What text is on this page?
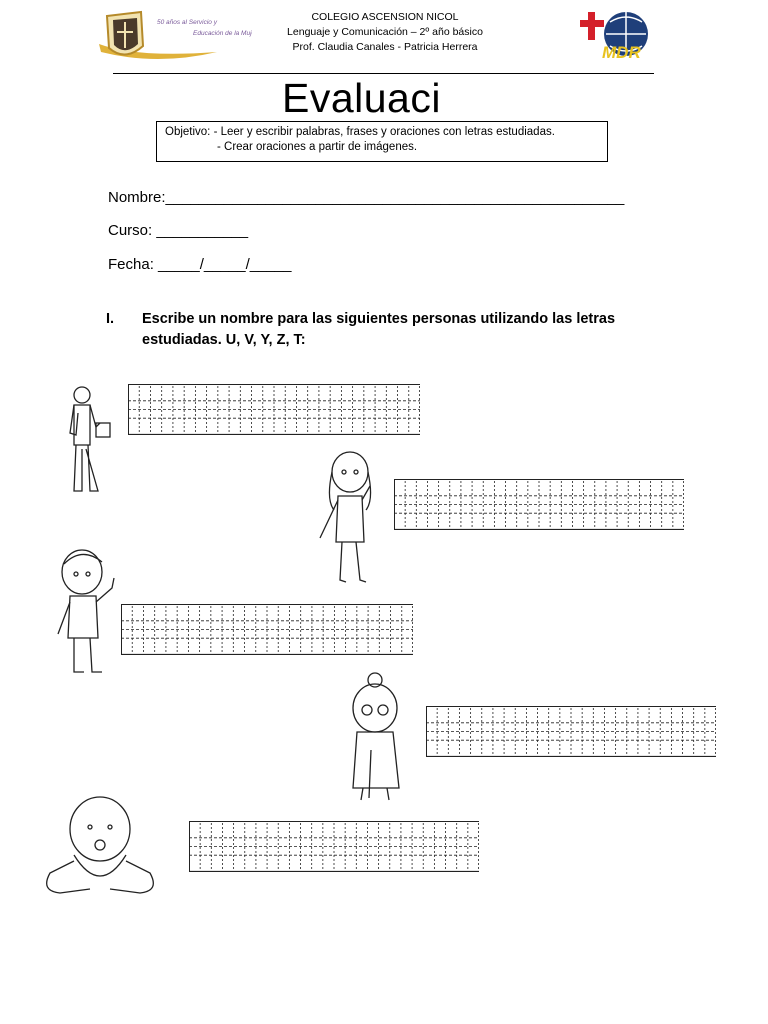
50 años al Servicio y
Educación de la Mujer
COLEGIO ASCENSION NICOL
Lenguaje y Comunicación – 2º año básico
Prof. Claudia Canales - Patricia Herrera	MDR
Evaluaci
Objetivo: - Leer y escribir palabras, frases y oraciones con letras estudiadas.
- Crear oraciones a partir de imágenes.
Nombre:_______________________________________________________
Curso: ___________
Fecha: _____/_____/_____
I. Escribe un nombre para las siguientes personas utilizando las letras estudiadas. U, V, Y, Z, T:
